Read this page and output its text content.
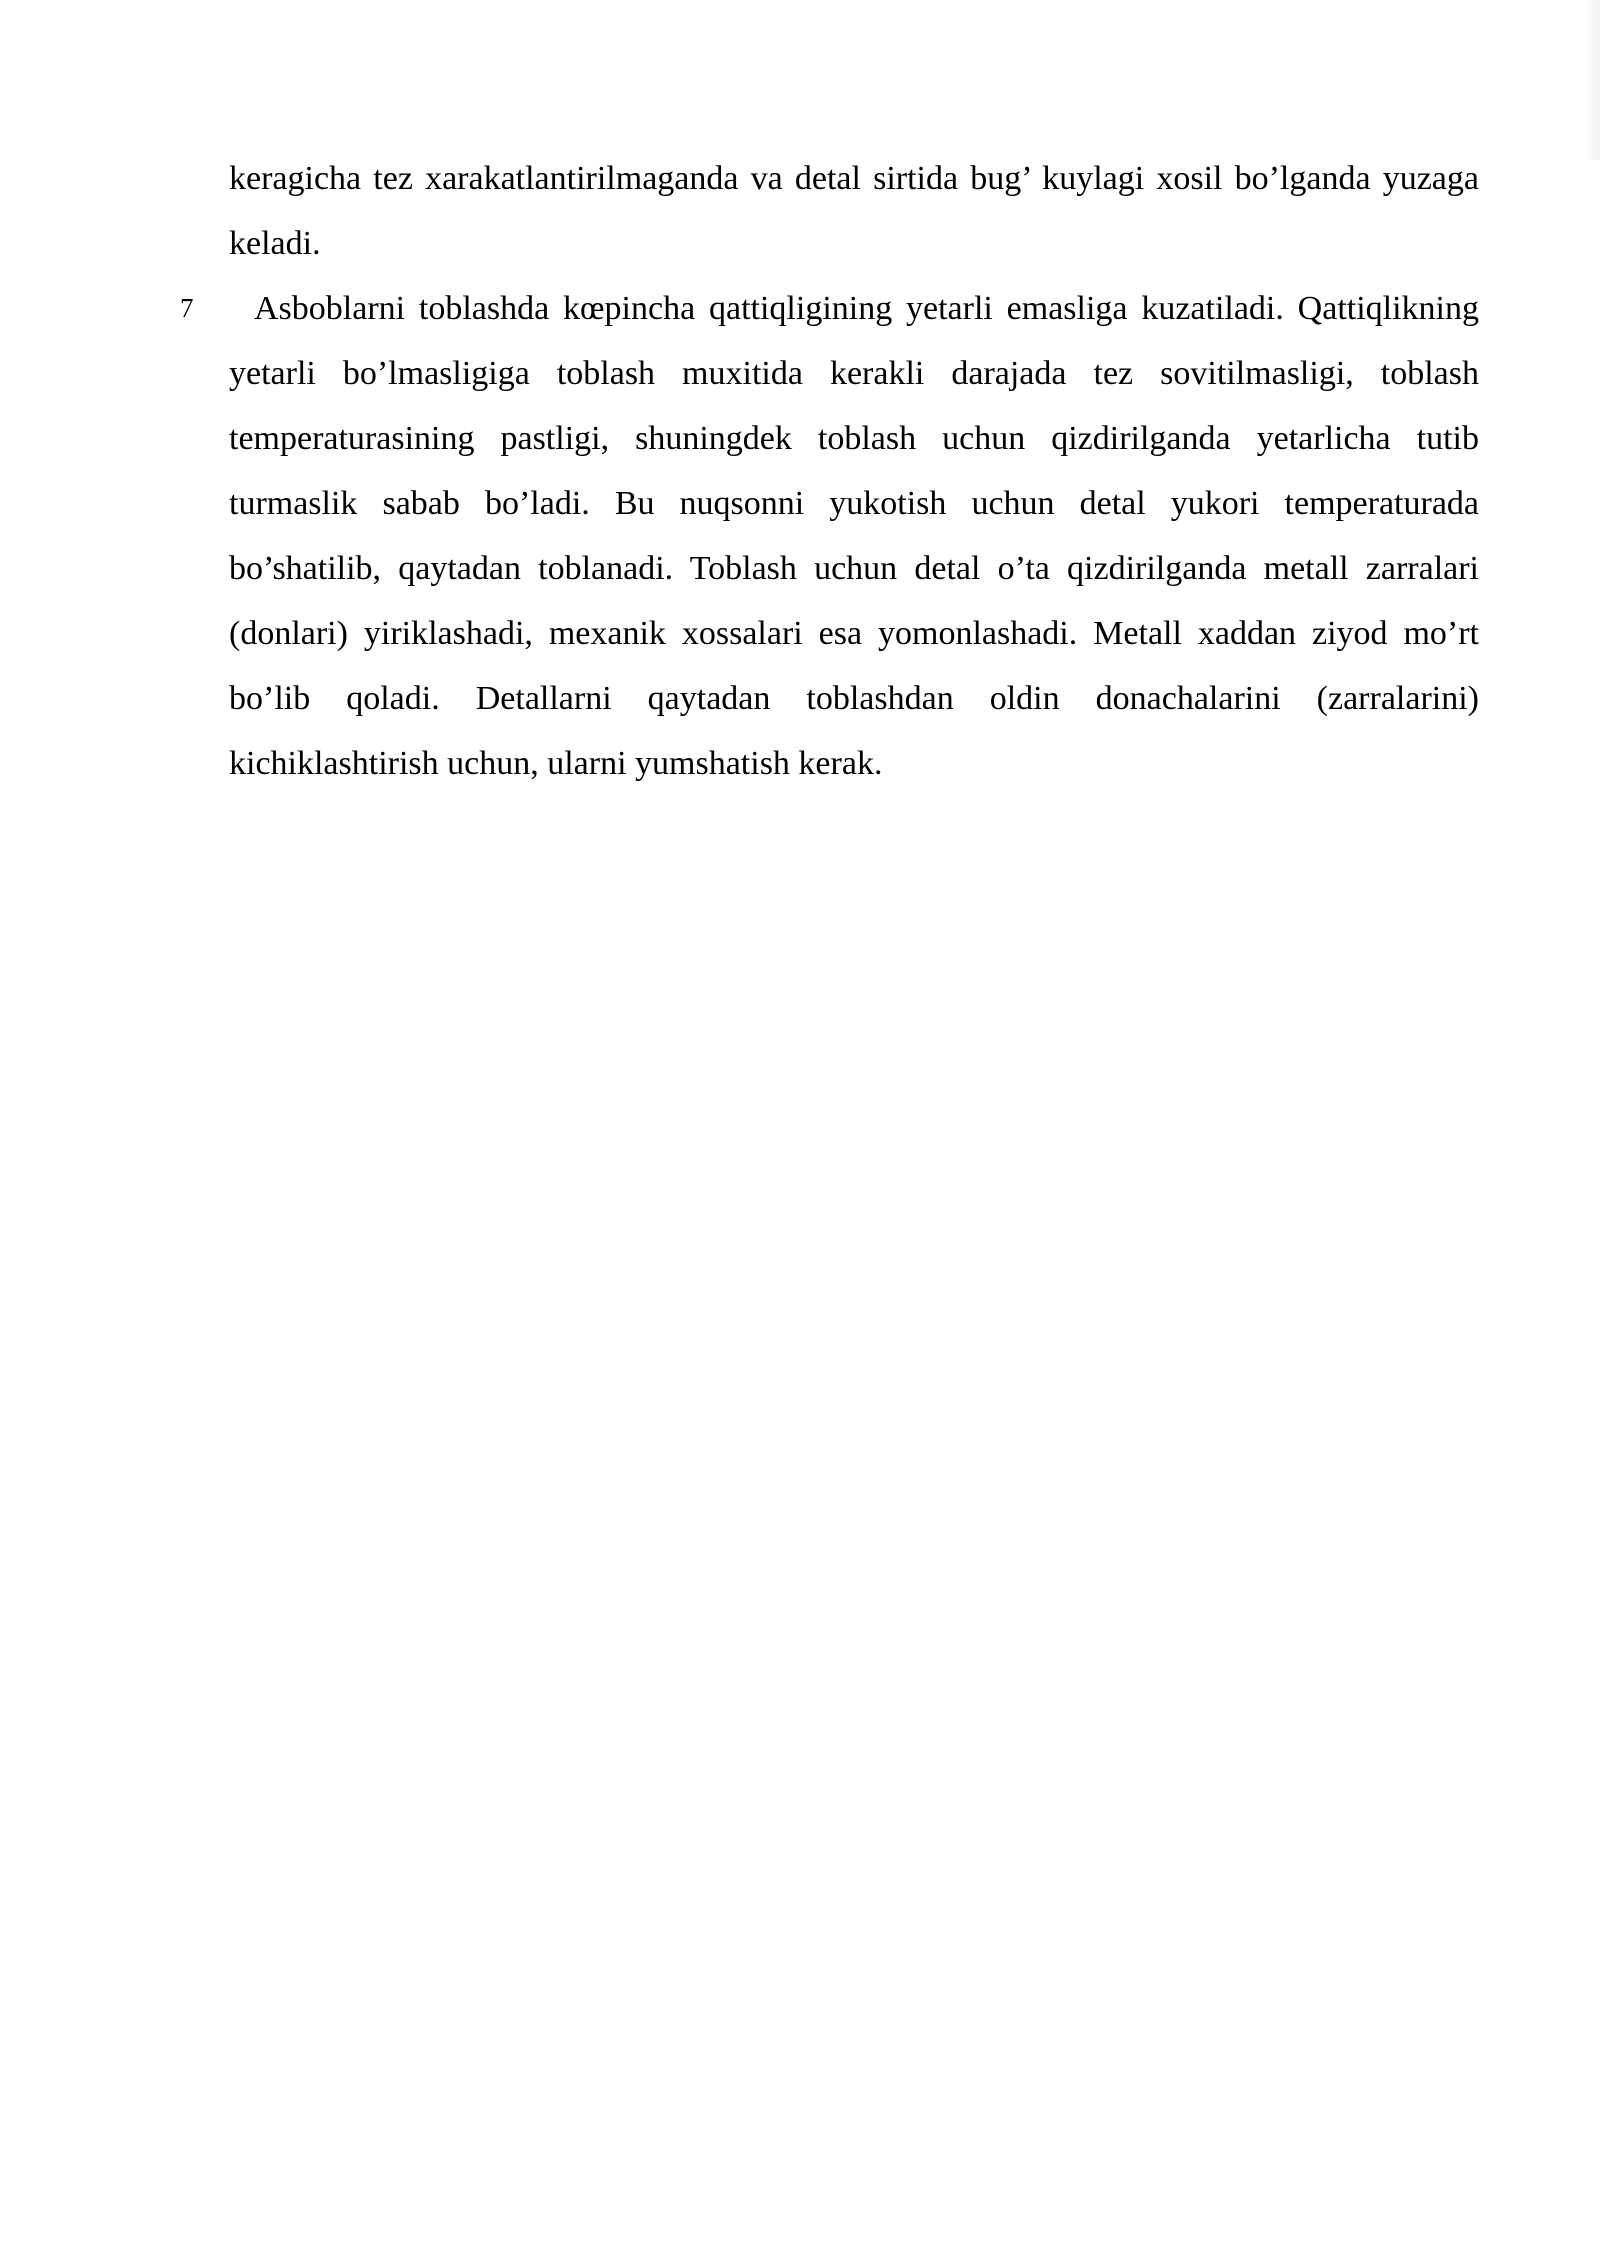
keragicha tez xarakatlantirilmaganda va detal sirtida bug’ kuylagi xosil bo’lganda yuzaga keladi.

7 Asboblarni toblashda kœpincha qattiqligining yetarli emasliga kuzatiladi. Qattiqlikning yetarli bo’lmasligiga toblash muxitida kerakli darajada tez sovitilmasligi, toblash temperaturasining pastligi, shuningdek toblash uchun qizdirilganda yetarlicha tutib turmaslik sabab bo’ladi. Bu nuqsonni yukotish uchun detal yukori temperaturada bo’shatilib, qaytadan toblanadi. Toblash uchun detal o’ta qizdirilganda metall zarralari (donlari) yiriklashadi, mexanik xossalari esa yomonlashadi. Metall xaddan ziyod mo’rt bo’lib qoladi. Detallarni qaytadan toblashdan oldin donachalarini (zarralarini) kichiklashtirish uchun, ularni yumshatish kerak.
